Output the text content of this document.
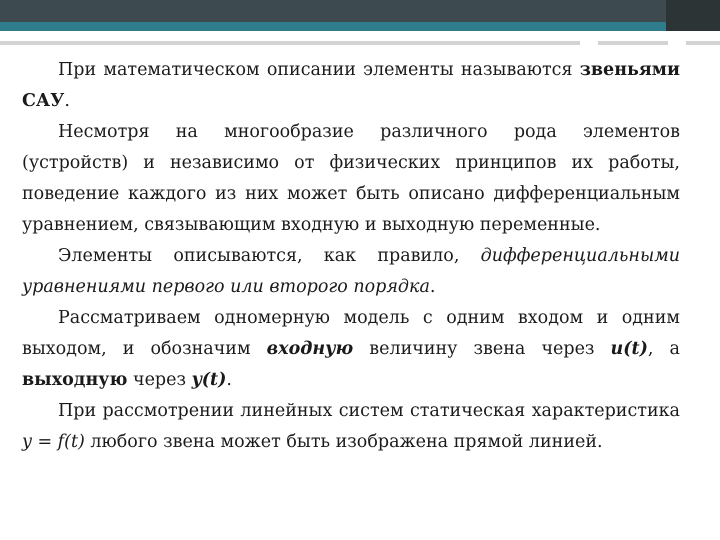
При математическом описании элементы называются звеньями САУ.

Несмотря на многообразие различного рода элементов (устройств) и независимо от физических принципов их работы, поведение каждого из них может быть описано дифференциальным уравнением, связывающим входную и выходную переменные.

Элементы описываются, как правило, дифференциальными уравнениями первого или второго порядка.

Рассматриваем одномерную модель с одним входом и одним выходом, и обозначим входную величину звена через u(t), а выходную через y(t).

При рассмотрении линейных систем статическая характеристика y = f(t) любого звена может быть изображена прямой линией.
